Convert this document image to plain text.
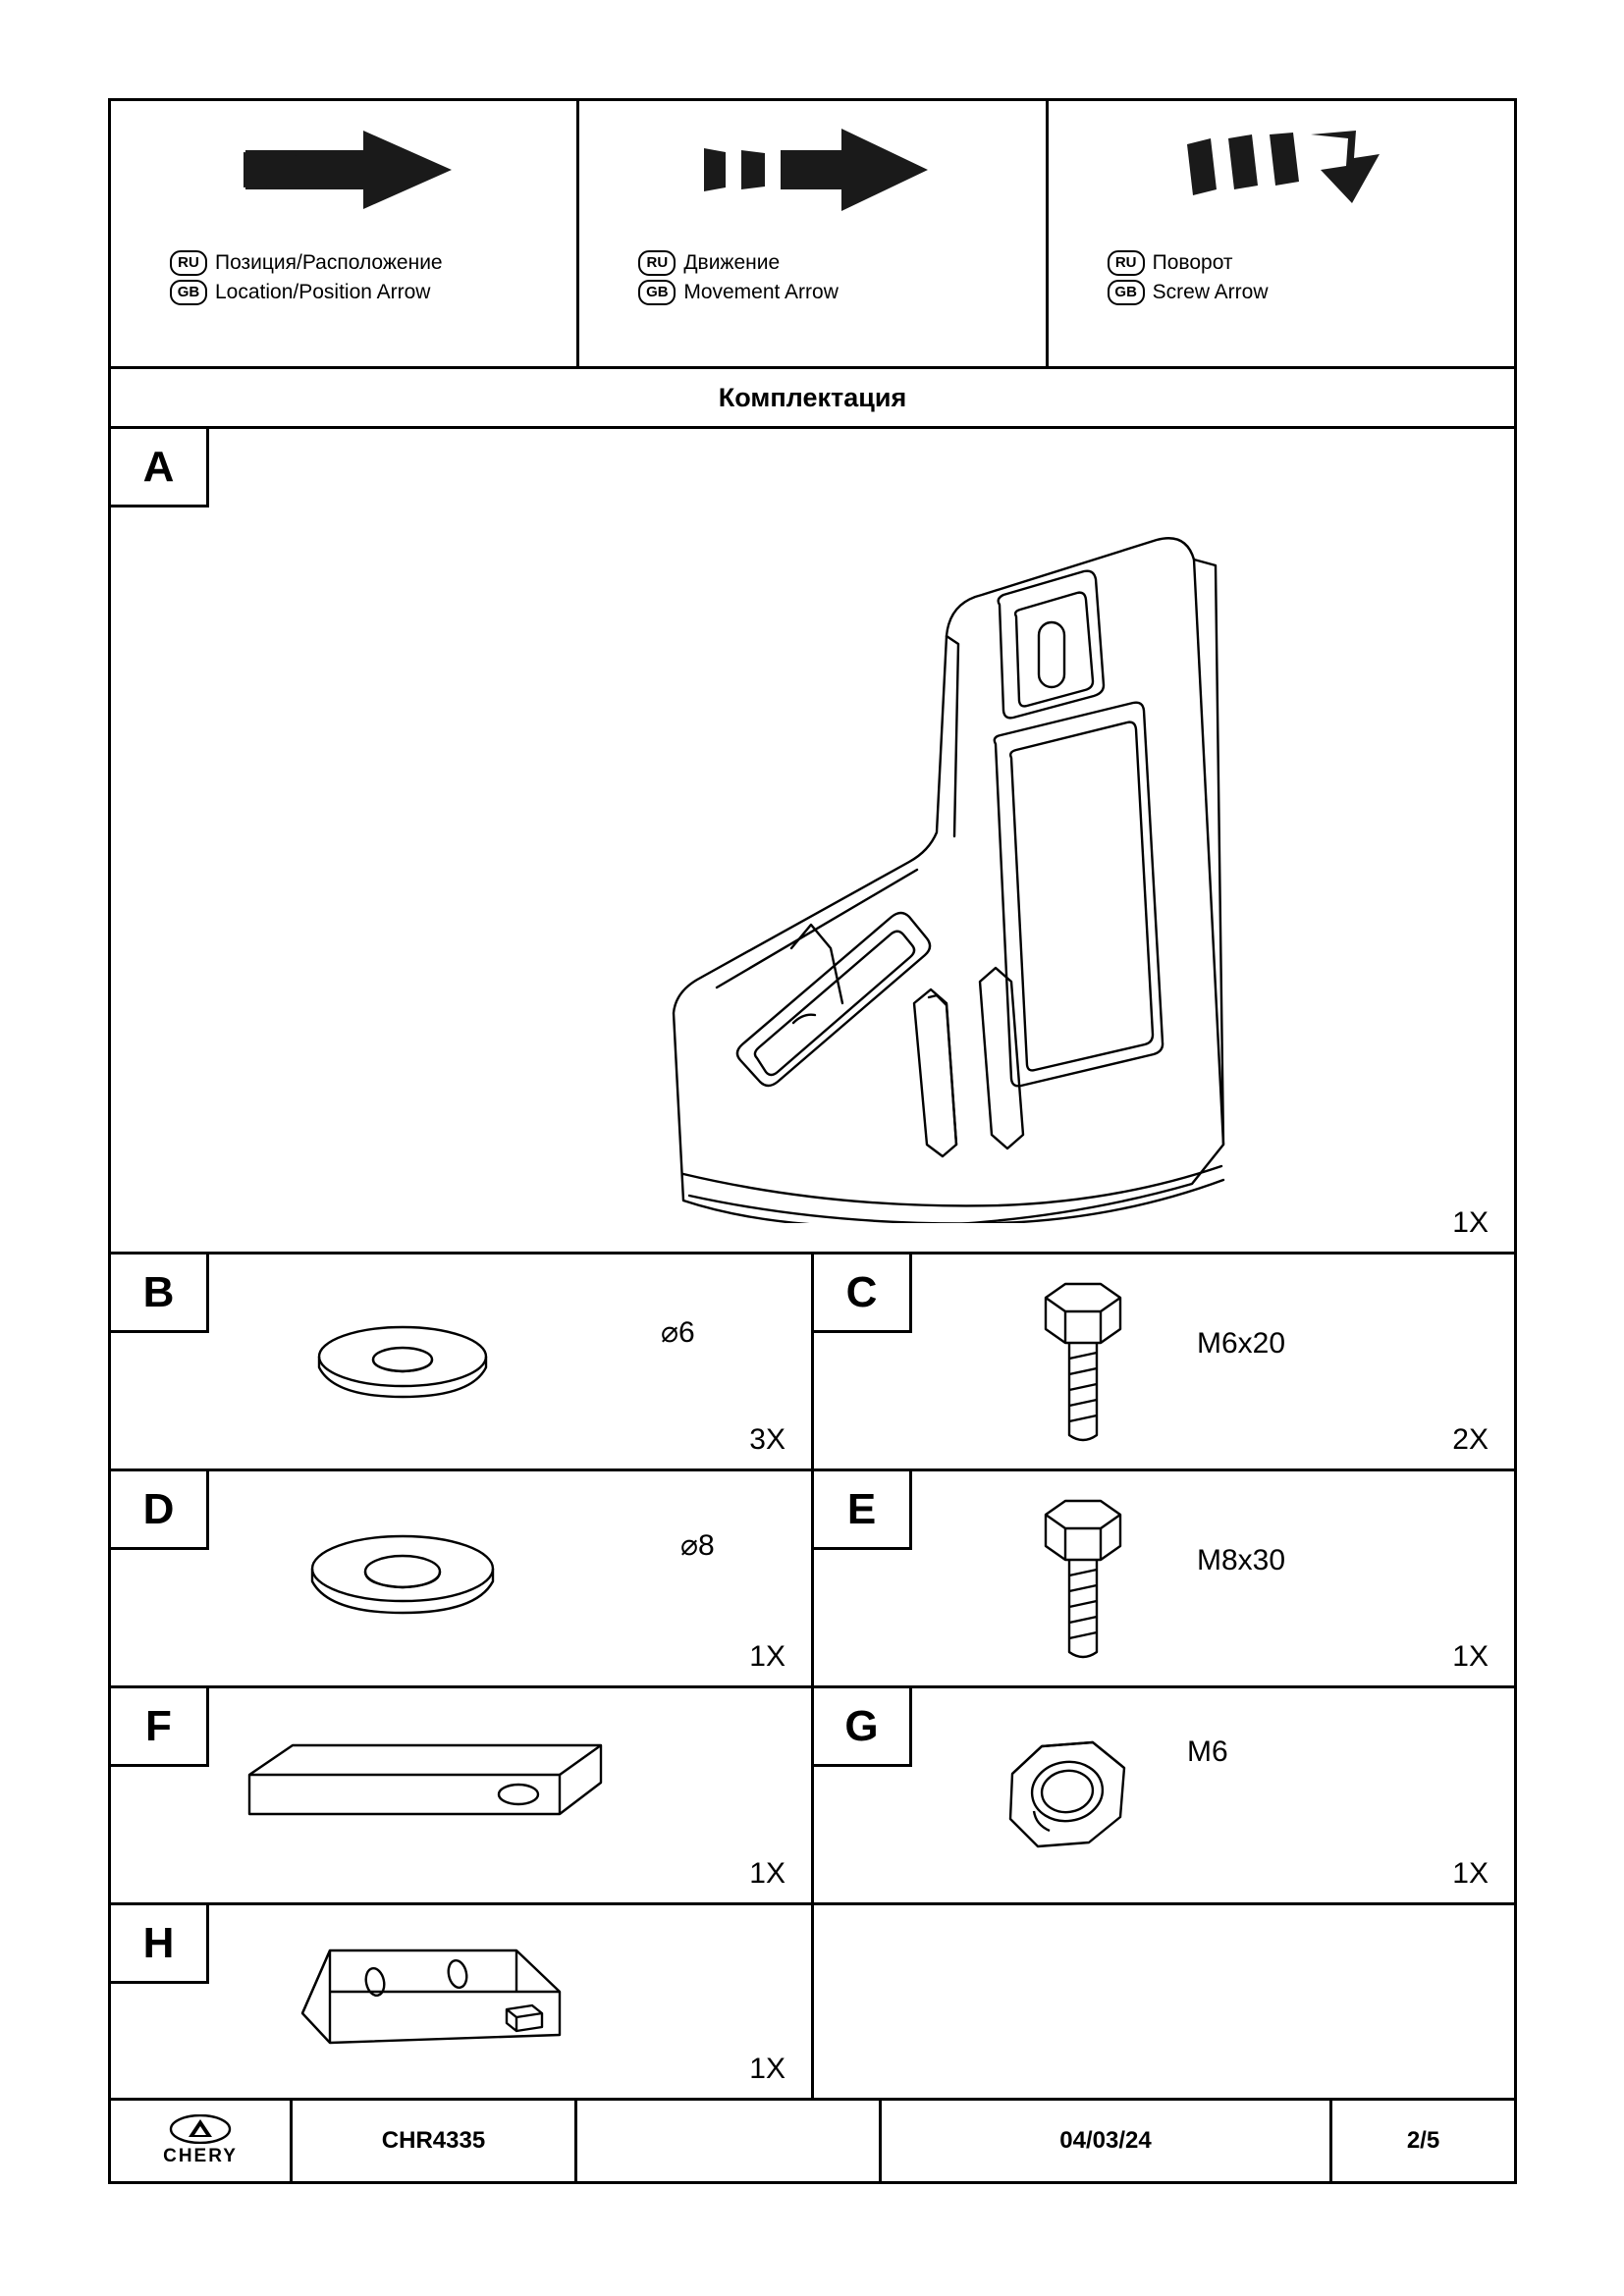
RU Позиция/Расположение
GB Location/Position Arrow
RU Движение
GB Movement Arrow
RU Поворот
GB Screw Arrow
Комплектация
A
1X
B
⌀6
3X
C
M6x20
2X
D
⌀8
1X
E
M8x30
1X
F
1X
G
M6
1X
H
1X
CHERY
CHR4335	04/03/24	2/5
